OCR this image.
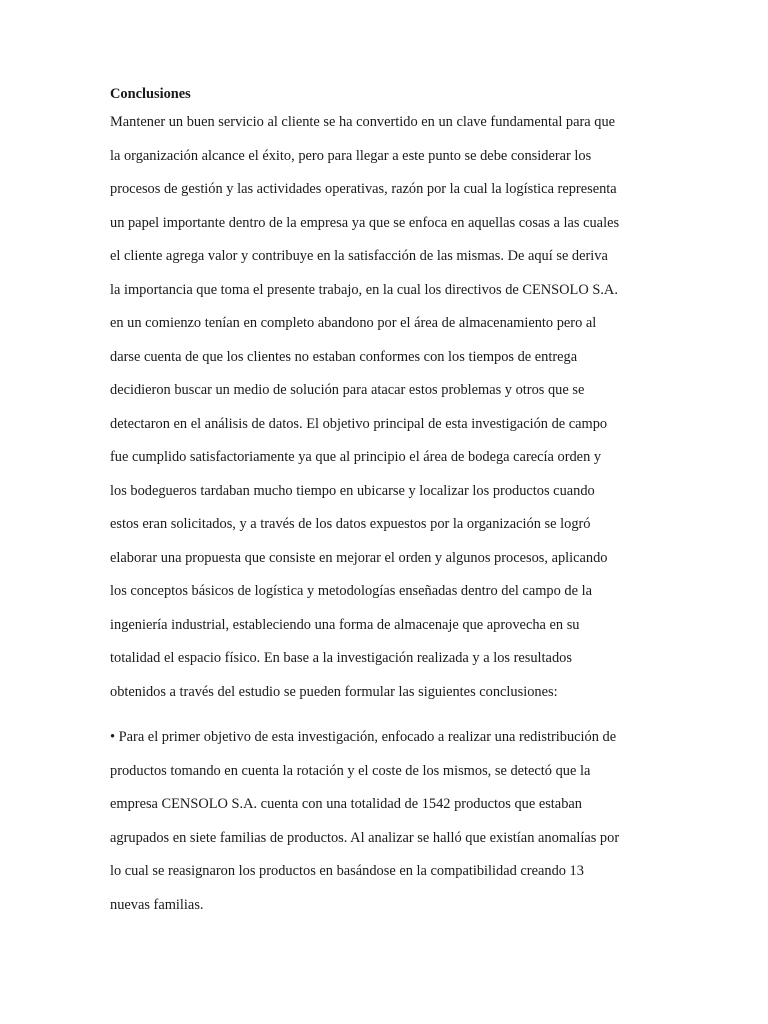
Conclusiones
Mantener un buen servicio al cliente se ha convertido en un clave fundamental para que
la organización alcance el éxito, pero para llegar a este punto se debe considerar los
procesos de gestión y las actividades operativas, razón por la cual la logística representa
un papel importante dentro de la empresa ya que se enfoca en aquellas cosas a las cuales
el cliente agrega valor y contribuye en la satisfacción de las mismas. De aquí se deriva
la importancia que toma el presente trabajo, en la cual los directivos de CENSOLO S.A.
en un comienzo tenían en completo abandono por el área de almacenamiento pero al
darse cuenta de que los clientes no estaban conformes con los tiempos de entrega
decidieron buscar un medio de solución para atacar estos problemas y otros que se
detectaron en el análisis de datos. El objetivo principal de esta investigación de campo
fue cumplido satisfactoriamente ya que al principio el área de bodega carecía orden y
los bodegueros tardaban mucho tiempo en ubicarse y localizar los productos cuando
estos eran solicitados, y a través de los datos expuestos por la organización se logró
elaborar una propuesta que consiste en mejorar el orden y algunos procesos, aplicando
los conceptos básicos de logística y metodologías enseñadas dentro del campo de la
ingeniería industrial, estableciendo una forma de almacenaje que aprovecha en su
totalidad el espacio físico. En base a la investigación realizada y a los resultados
obtenidos a través del estudio se pueden formular las siguientes conclusiones:
• Para el primer objetivo de esta investigación, enfocado a realizar una redistribución de
productos tomando en cuenta la rotación y el coste de los mismos, se detectó que la
empresa CENSOLO S.A. cuenta con una totalidad de 1542 productos que estaban
agrupados en siete familias de productos. Al analizar se halló que existían anomalías por
lo cual se reasignaron los productos en basándose en la compatibilidad creando 13
nuevas familias.
